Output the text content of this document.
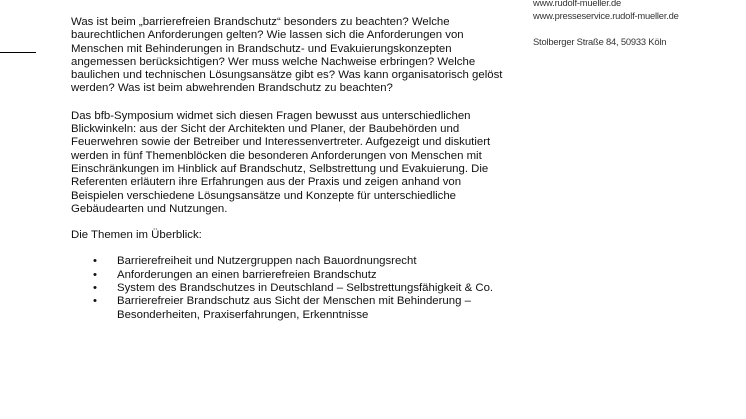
Was ist beim „barrierefreien Brandschutz“ besonders zu beachten? Welche baurechtlichen Anforderungen gelten? Wie lassen sich die Anforderungen von Menschen mit Behinderungen in Brandschutz- und Evakuierungskonzepten angemessen berücksichtigen? Wer muss welche Nachweise erbringen? Welche baulichen und technischen Lösungsansätze gibt es? Was kann organisatorisch gelöst werden? Was ist beim abwehrenden Brandschutz zu beachten?

Das bfb-Symposium widmet sich diesen Fragen bewusst aus unterschiedlichen Blickwinkeln: aus der Sicht der Architekten und Planer, der Baubehörden und Feuerwehren sowie der Betreiber und Interessenvertreter. Aufgezeigt und diskutiert werden in fünf Themenblöcken die besonderen Anforderungen von Menschen mit Einschränkungen im Hinblick auf Brandschutz, Selbstrettung und Evakuierung. Die Referenten erläutern ihre Erfahrungen aus der Praxis und zeigen anhand von Beispielen verschiedene Lösungsansätze und Konzepte für unterschiedliche Gebäudearten und Nutzungen.

Die Themen im Überblick:

• Barrierefreiheit und Nutzergruppen nach Bauordnungsrecht
• Anforderungen an einen barrierefreien Brandschutz
• System des Brandschutzes in Deutschland – Selbstrettungsfähigkeit & Co.
• Barrierefreier Brandschutz aus Sicht der Menschen mit Behinderung – Besonderheiten, Praxiserfahrungen, Erkenntnisse
www.rudolf-mueller.de
www.presseservice.rudolf-mueller.de
Stolberger Straße 84, 50933 Köln
